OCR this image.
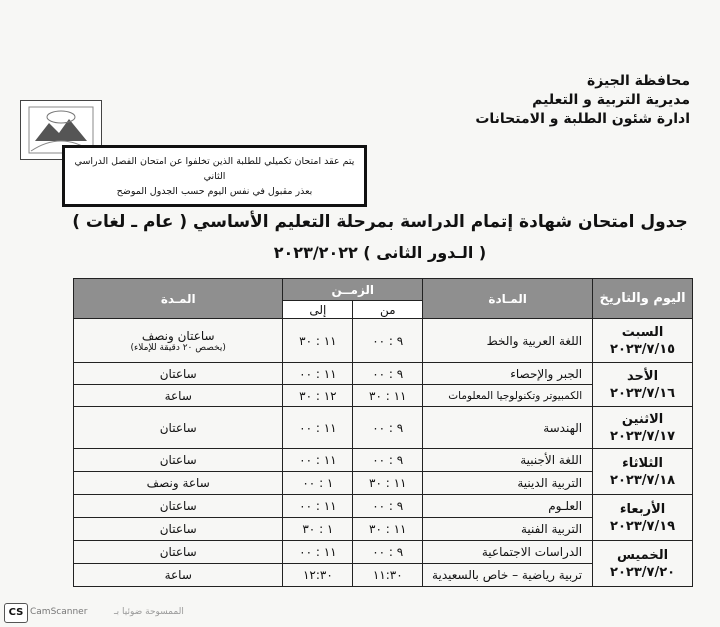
محافظة الجيزة
مديرية التربية و التعليم
ادارة شئون الطلبة و الامتحانات
يتم عقد امتحان تكميلي للطلبة الذين تخلفوا عن امتحان الفصل الدراسي الثاني
بعذر مقبول في نفس اليوم حسب الجدول الموضح
جدول امتحان شهادة إتمام الدراسة بمرحلة التعليم الأساسي ( عام ـ لغات )
( الـدور الثانى ) ٢٠٢٣/٢٠٢٢
اليوم والتاريخ	المـادة	الزمــن		المـدة
		من	إلى	
السبت
٢٠٢٣/٧/١٥	اللغة العربية والخط	٩ : ٠٠	١١ : ٣٠	ساعتان ونصف
(يخصص ٢٠ دقيقة للإملاء)

الأحد
٢٠٢٣/٧/١٦	الجبر والإحصاء	٩ : ٠٠	١١ : ٠٠	ساعتان
	الكمبيوتر وتكنولوجيا المعلومات	١١ : ٣٠	١٢ : ٣٠	ساعة
الاثنين
٢٠٢٣/٧/١٧	الهندسة	٩ : ٠٠	١١ : ٠٠	ساعتان
الثلاثاء
٢٠٢٣/٧/١٨	اللغة الأجنبية	٩ : ٠٠	١١ : ٠٠	ساعتان
	التربية الدينية	١١ : ٣٠	١ : ٠٠	ساعة ونصف
الأربعاء
٢٠٢٣/٧/١٩	العلـوم	٩ : ٠٠	١١ : ٠٠	ساعتان
	التربية الفنية	١١ : ٣٠	١ : ٣٠	ساعتان
الخميس
٢٠٢٣/٧/٢٠	الدراسات الاجتماعية	٩ : ٠٠	١١ : ٠٠	ساعتان
	تربية رياضية – خاص بالسعيدية	١١:٣٠	١٢:٣٠	ساعة
CS CamScanner	الممسوحة ضوئيا بـ
